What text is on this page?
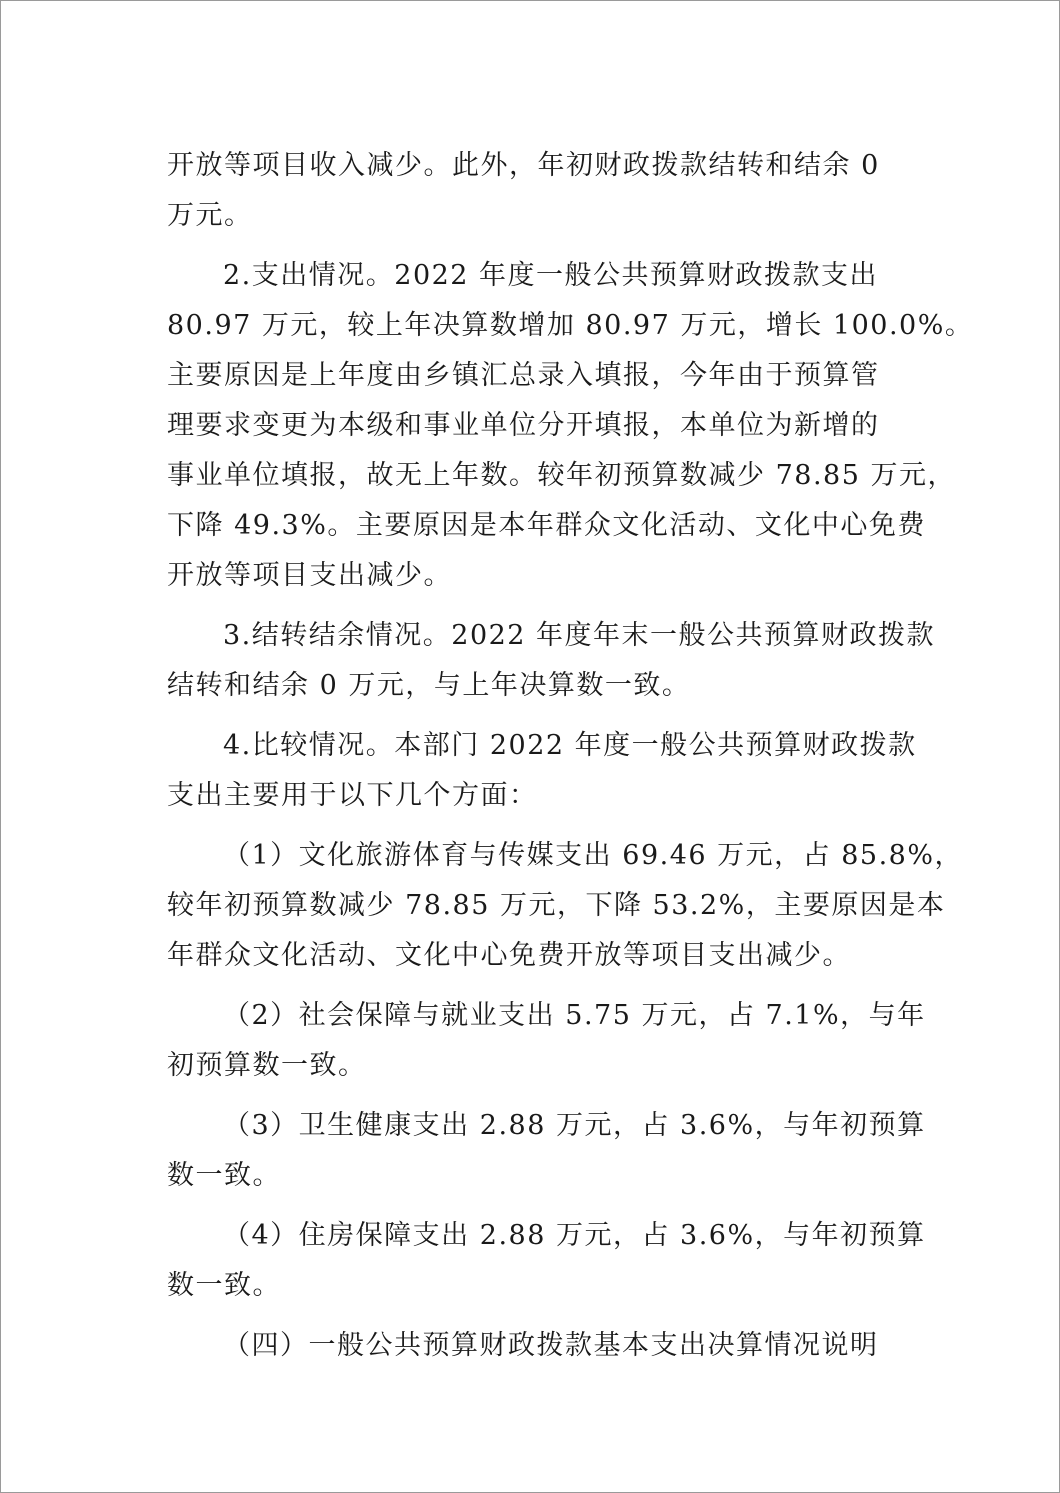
开放等项目收入减少。此外，年初财政拨款结转和结余 0
万元。

2.支出情况。2022 年度一般公共预算财政拨款支出
80.97 万元，较上年决算数增加 80.97 万元，增长 100.0%。
主要原因是上年度由乡镇汇总录入填报，今年由于预算管
理要求变更为本级和事业单位分开填报，本单位为新增的
事业单位填报，故无上年数。较年初预算数减少 78.85 万元，
下降 49.3%。主要原因是本年群众文化活动、文化中心免费
开放等项目支出减少。

3.结转结余情况。2022 年度年末一般公共预算财政拨款
结转和结余 0 万元，与上年决算数一致。

4.比较情况。本部门 2022 年度一般公共预算财政拨款
支出主要用于以下几个方面：

（1）文化旅游体育与传媒支出 69.46 万元，占 85.8%，
较年初预算数减少 78.85 万元，下降 53.2%，主要原因是本
年群众文化活动、文化中心免费开放等项目支出减少。

（2）社会保障与就业支出 5.75 万元，占 7.1%，与年
初预算数一致。

（3）卫生健康支出 2.88 万元，占 3.6%，与年初预算
数一致。

（4）住房保障支出 2.88 万元，占 3.6%，与年初预算
数一致。

（四）一般公共预算财政拨款基本支出决算情况说明
